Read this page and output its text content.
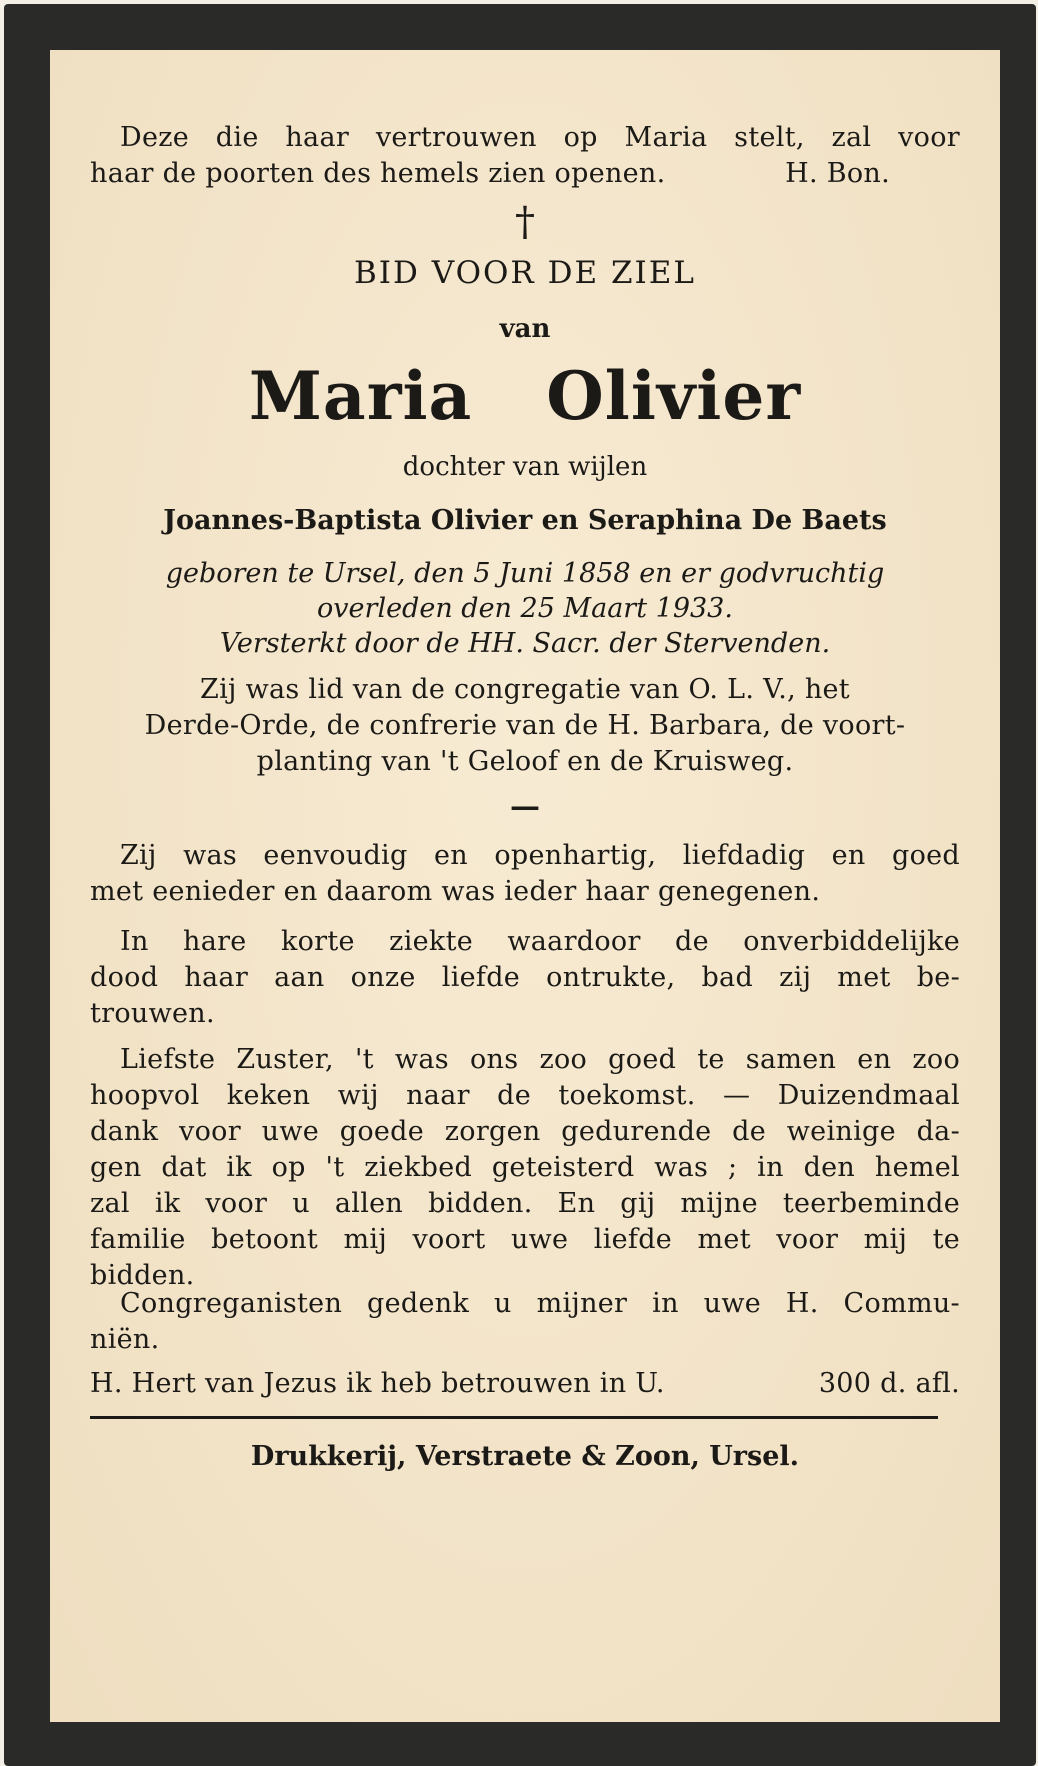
Deze die haar vertrouwen op Maria stelt, zal voor
haar de poorten des hemels zien openen.	H. Bon.
†
BID VOOR DE ZIEL
van
Maria Olivier
dochter van wijlen
Joannes-Baptista Olivier en Seraphina De Baets
geboren te Ursel, den 5 Juni 1858 en er godvruchtig
overleden den 25 Maart 1933.
Versterkt door de HH. Sacr. der Stervenden.
Zij was lid van de congregatie van O. L. V., het
Derde-Orde, de confrerie van de H. Barbara, de voort-
planting van 't Geloof en de Kruisweg.
—
Zij was eenvoudig en openhartig, liefdadig en goed
met eenieder en daarom was ieder haar genegenen.
In hare korte ziekte waardoor de onverbiddelijke
dood haar aan onze liefde ontrukte, bad zij met be-
trouwen.
Liefste Zuster, 't was ons zoo goed te samen en zoo
hoopvol keken wij naar de toekomst. — Duizendmaal
dank voor uwe goede zorgen gedurende de weinige da-
gen dat ik op 't ziekbed geteisterd was ; in den hemel
zal ik voor u allen bidden. En gij mijne teerbeminde
familie betoont mij voort uwe liefde met voor mij te
bidden.
Congreganisten gedenk u mijner in uwe H. Commu-
niën.
H. Hert van Jezus ik heb betrouwen in U.	300 d. afl.
Drukkerij, Verstraete & Zoon, Ursel.
